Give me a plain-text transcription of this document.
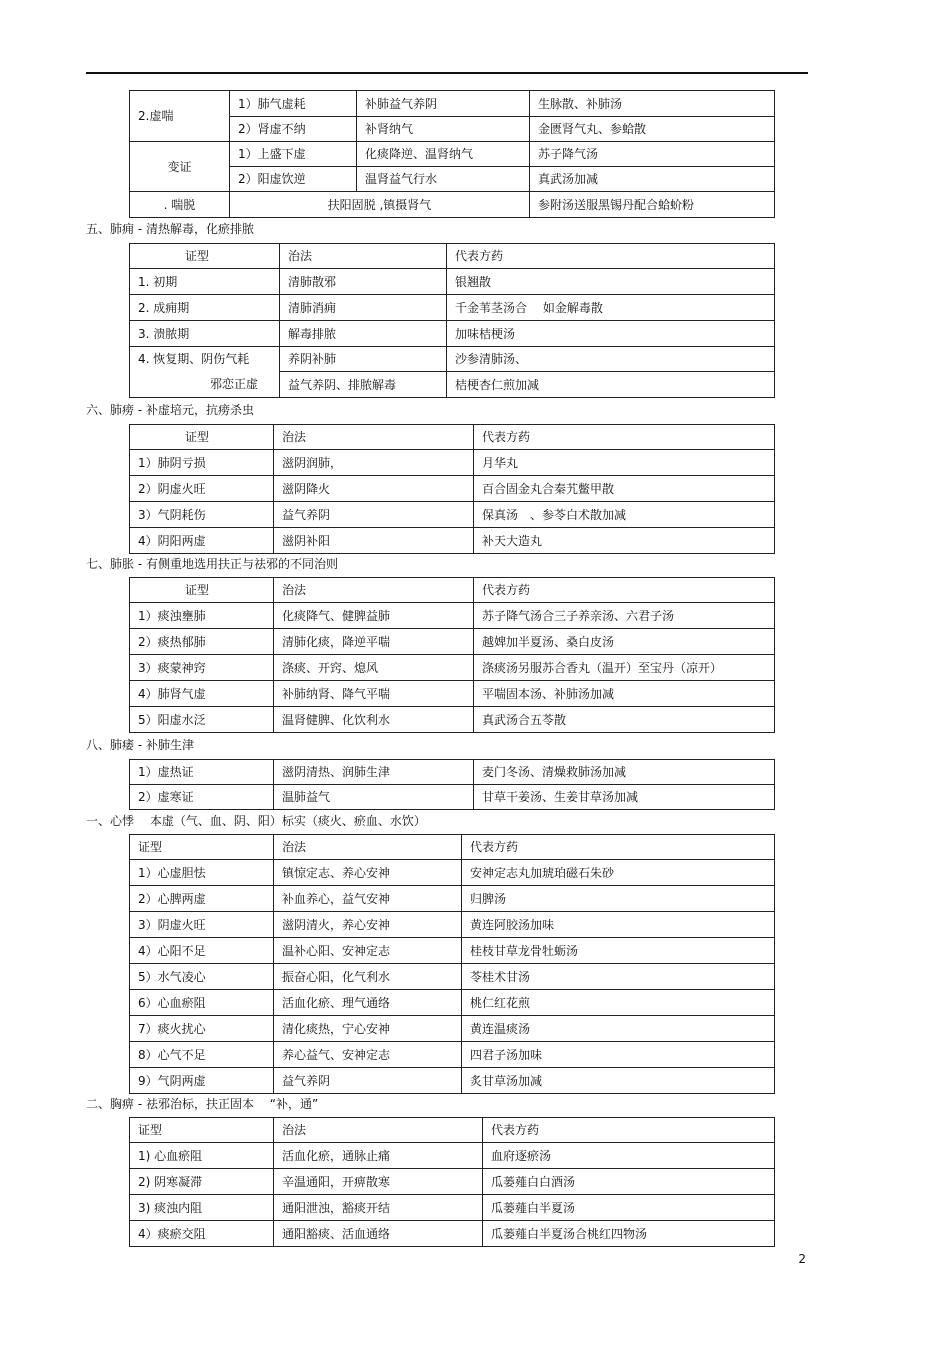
2.虚喘	1）肺气虚耗	补肺益气养阴	生脉散、补肺汤
	2）肾虚不纳	补肾纳气	金匮肾气丸、参蛤散
变证	1）上盛下虚	化痰降逆、温肾纳气	苏子降气汤
	2）阳虚饮逆	温肾益气行水	真武汤加减
. 喘脱	扶阳固脱 ,镇摄肾气		参附汤送服黑锡丹配合蛤蚧粉
五、肺痈 - 清热解毒，化瘀排脓
证型	治法	代表方药
1. 初期	清肺散邪	银翘散
2. 成痈期	清肺消痈	千金苇茎汤合　 如金解毒散
3. 溃脓期	解毒排脓	加味桔梗汤
4. 恢复期、阴伤气耗	养阴补肺	沙参清肺汤、
邪恋正虚	益气养阴、排脓解毒	桔梗杏仁煎加减
六、肺痨 - 补虚培元，抗痨杀虫
证型	治法	代表方药
1）肺阴亏损	滋阴润肺，	月华丸
2）阴虚火旺	滋阴降火	百合固金丸合秦艽鳖甲散
3）气阴耗伤	益气养阴	保真汤　、参苓白术散加减
4）阴阳两虚	滋阴补阳	补天大造丸
七、肺胀 - 有侧重地选用扶正与祛邪的不同治则
证型	治法	代表方药
1）痰浊壅肺	化痰降气、健脾益肺	苏子降气汤合三子养亲汤、六君子汤
2）痰热郁肺	清肺化痰，降逆平喘	越婢加半夏汤、桑白皮汤
3）痰蒙神窍	涤痰、开窍、熄风	涤痰汤另服苏合香丸（温开）至宝丹（凉开）
4）肺肾气虚	补肺纳肾、降气平喘	平喘固本汤、补肺汤加减
5）阳虚水泛	温肾健脾、化饮利水	真武汤合五苓散
八、肺痿 - 补肺生津
1）虚热证	滋阴清热、润肺生津	麦门冬汤、清燥救肺汤加减
2）虚寒证	温肺益气	甘草干姜汤、生姜甘草汤加减
一、心悸　 本虚（气、血、阴、阳）标实（痰火、瘀血、水饮）
证型	治法	代表方药
1）心虚胆怯	镇惊定志、养心安神	安神定志丸加琥珀磁石朱砂
2）心脾两虚	补血养心，益气安神	归脾汤
3）阴虚火旺	滋阴清火，养心安神	黄连阿胶汤加味
4）心阳不足	温补心阳、安神定志	桂枝甘草龙骨牡蛎汤
5）水气凌心	振奋心阳，化气利水	苓桂术甘汤
6）心血瘀阻	活血化瘀、理气通络	桃仁红花煎
7）痰火扰心	清化痰热，宁心安神	黄连温痰汤
8）心气不足	养心益气、安神定志	四君子汤加味
9）气阴两虚	益气养阴	炙甘草汤加减
二、胸痹 - 祛邪治标，扶正固本　 “补，通”
证型	治法	代表方药
1) 心血瘀阻	活血化瘀，通脉止痛	血府逐瘀汤
2) 阴寒凝滞	辛温通阳，开痹散寒	瓜蒌薤白白酒汤
3) 痰浊内阻	通阳泄浊，豁痰开结	瓜蒌薤白半夏汤
4）痰瘀交阻	通阳豁痰、活血通络	瓜蒌薤白半夏汤合桃红四物汤
2
